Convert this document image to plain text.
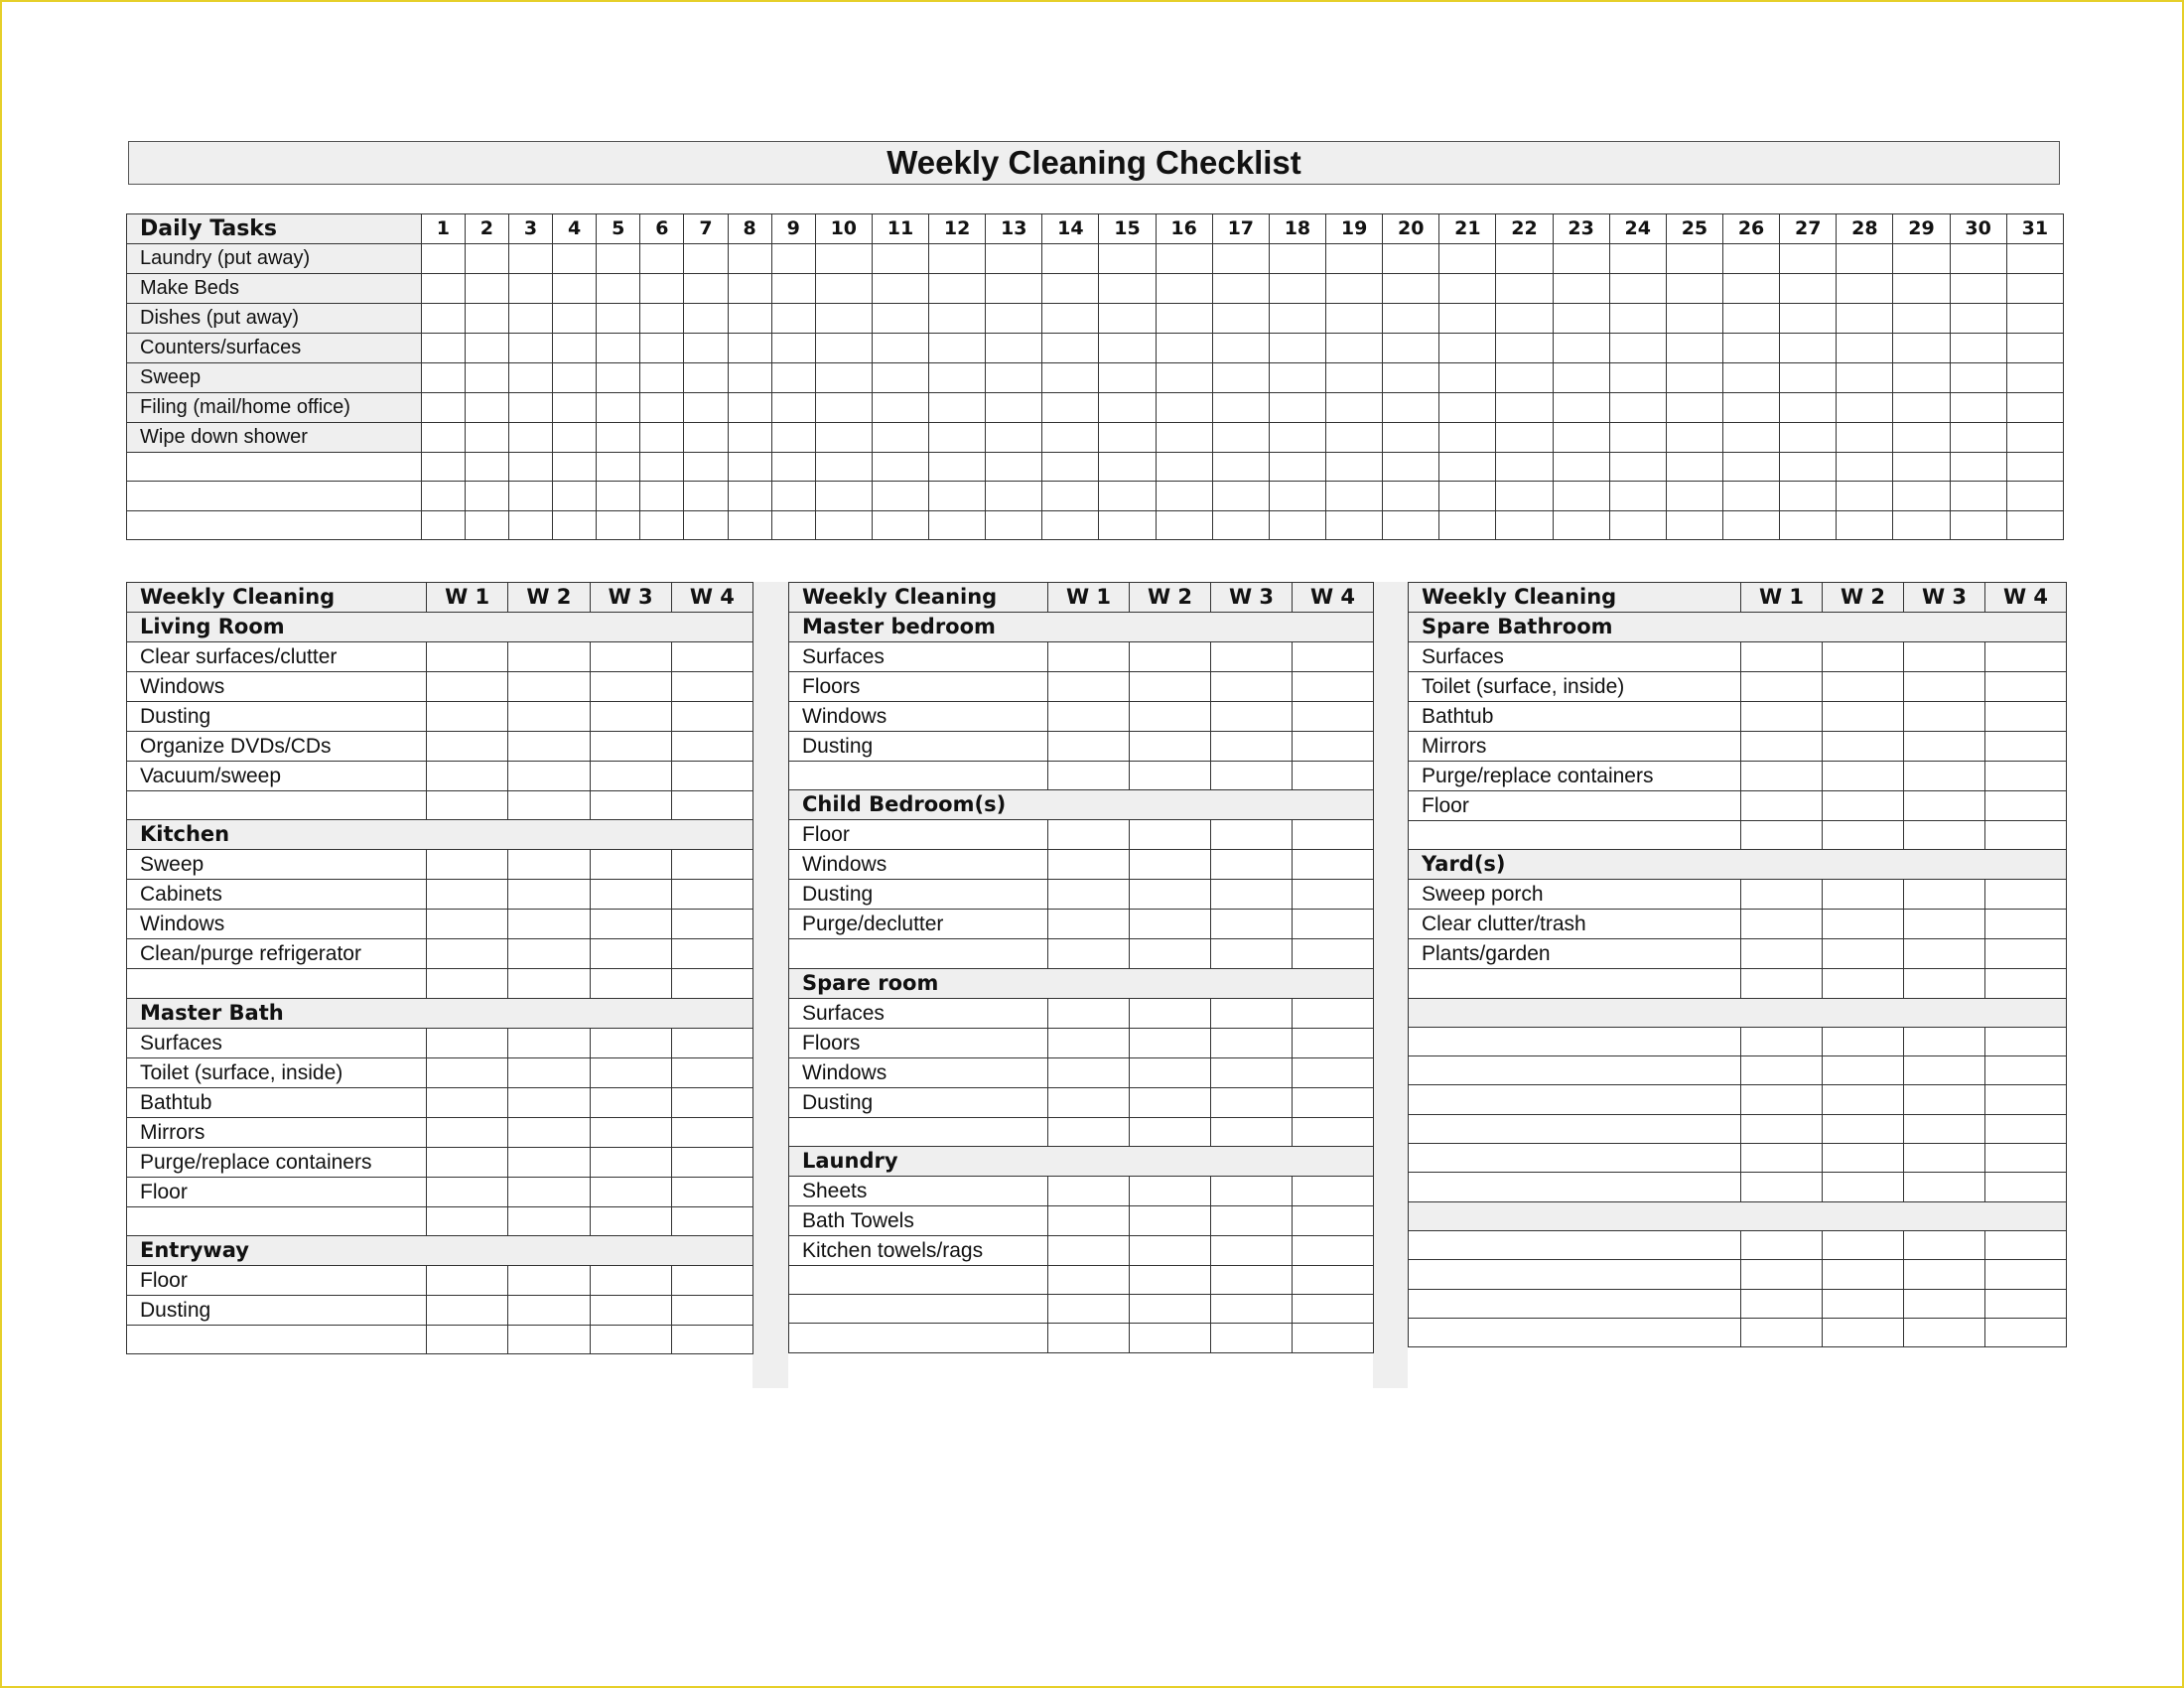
Weekly Cleaning Checklist
Daily Tasks	1	2	3	4	5	6	7	8	9	10	11	12	13	14	15	16	17	18	19	20	21	22	23	24	25	26	27	28	29	30	31
Laundry (put away)																															
Make Beds																															
Dishes (put away)																															
Counters/surfaces																															
Sweep																															
Filing (mail/home office)																															
Wipe down shower																															

Weekly Cleaning	W 1	W 2	W 3	W 4
Living Room				
Clear surfaces/clutter				
Windows				
Dusting				
Organize DVDs/CDs				
Vacuum/sweep				

Kitchen				
Sweep				
Cabinets				
Windows				
Clean/purge refrigerator				

Master Bath				
Surfaces				
Toilet (surface, inside)				
Bathtub				
Mirrors				
Purge/replace containers				
Floor				

Entryway				
Floor				
Dusting				

Weekly Cleaning	W 1	W 2	W 3	W 4
Master bedroom				
Surfaces				
Floors				
Windows				
Dusting				

Child Bedroom(s)				
Floor				
Windows				
Dusting				
Purge/declutter				

Spare room				
Surfaces				
Floors				
Windows				
Dusting				

Laundry				
Sheets				
Bath Towels				
Kitchen towels/rags				

Weekly Cleaning	W 1	W 2	W 3	W 4
Spare Bathroom				
Surfaces				
Toilet (surface, inside)				
Bathtub				
Mirrors				
Purge/replace containers				
Floor				

Yard(s)				
Sweep porch				
Clear clutter/trash				
Plants/garden				
